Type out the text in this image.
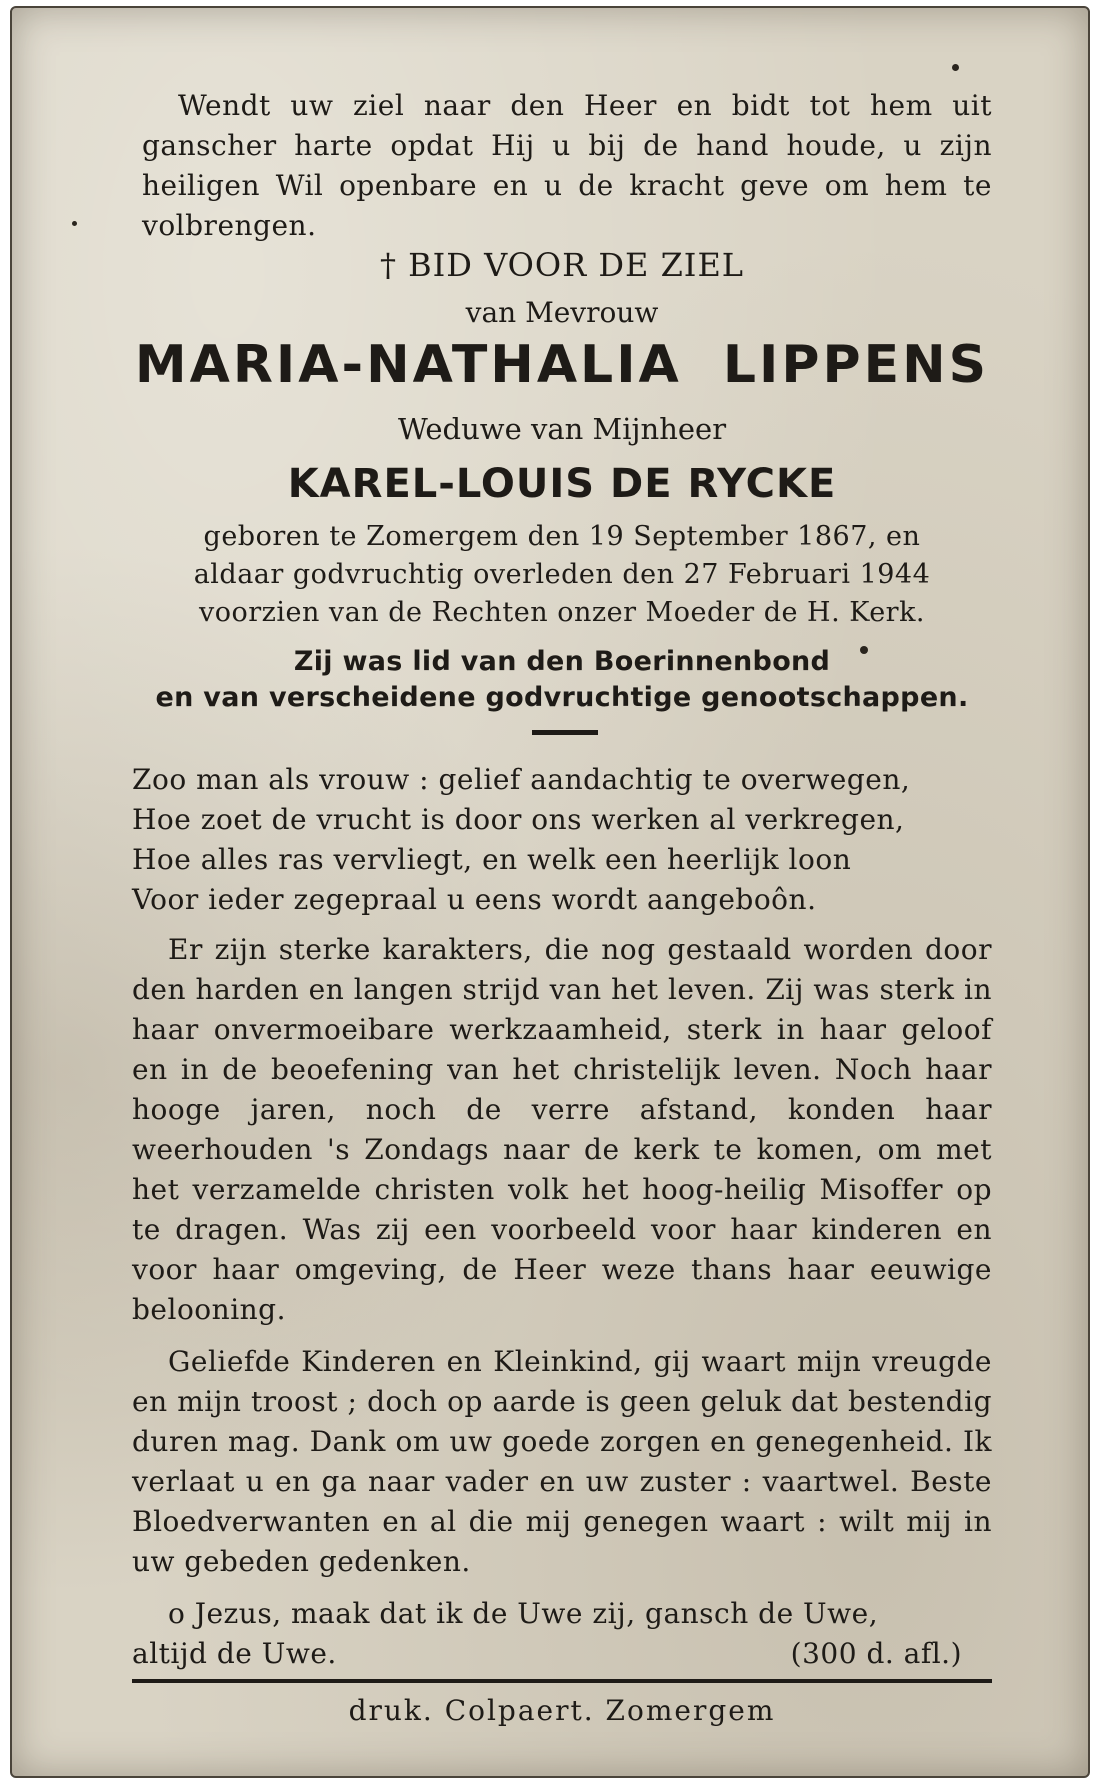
Wendt uw ziel naar den Heer en bidt tot hem uit ganscher harte opdat Hij u bij de hand houde, u zijn heiligen Wil openbare en u de kracht geve om hem te volbrengen.

† BID VOOR DE ZIEL
van Mevrouw
MARIA-NATHALIA LIPPENS
Weduwe van Mijnheer
KAREL-LOUIS DE RYCKE

geboren te Zomergem den 19 September 1867, en

aldaar godvruchtig overleden den 27 Februari 1944

voorzien van de Rechten onzer Moeder de H. Kerk.

Zij was lid van den Boerinnenbond

en van verscheidene godvruchtige genootschappen.

Zoo man als vrouw : gelief aandachtig te overwegen,

Hoe zoet de vrucht is door ons werken al verkregen,

Hoe alles ras vervliegt, en welk een heerlijk loon

Voor ieder zegepraal u eens wordt aangeboôn.

Er zijn sterke karakters, die nog gestaald worden door den harden en langen strijd van het leven. Zij was sterk in haar onvermoeibare werkzaamheid, sterk in haar geloof en in de beoefening van het christelijk leven. Noch haar hooge jaren, noch de verre afstand, konden haar weerhouden 's Zondags naar de kerk te komen, om met het verzamelde christen volk het hoog-heilig Misoffer op te dragen. Was zij een voorbeeld voor haar kinderen en voor haar omgeving, de Heer weze thans haar eeuwige belooning.

Geliefde Kinderen en Kleinkind, gij waart mijn vreugde en mijn troost ; doch op aarde is geen geluk dat bestendig duren mag. Dank om uw goede zorgen en genegenheid. Ik verlaat u en ga naar vader en uw zuster : vaartwel. Beste Bloedverwanten en al die mij genegen waart : wilt mij in uw gebeden gedenken.

o Jezus, maak dat ik de Uwe zij, gansch de Uwe,

altijd de Uwe.	(300 d. afl.)
druk. Colpaert. Zomergem
